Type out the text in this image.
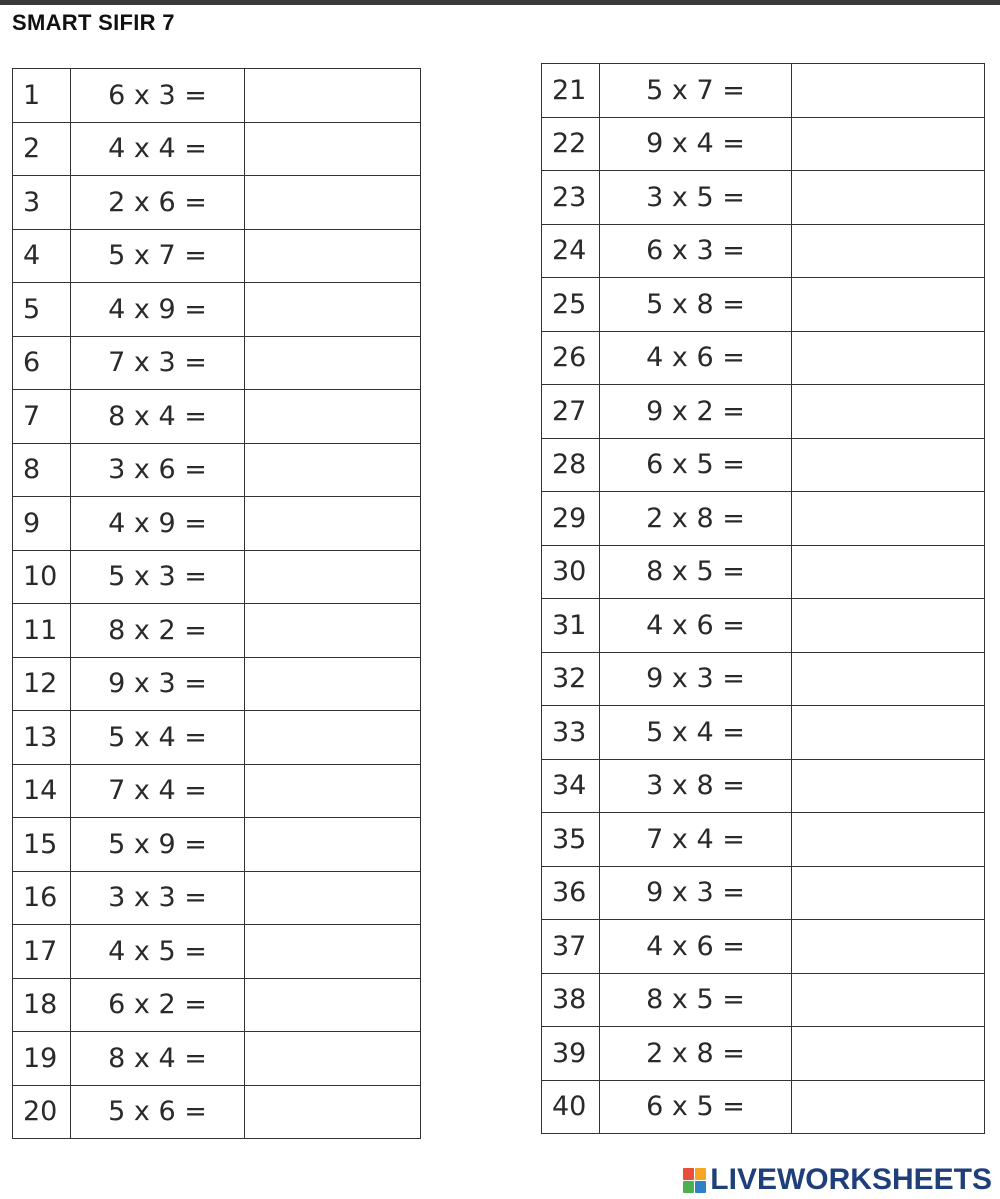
SMART SIFIR 7
1	6 x 3 =	
2	4 x 4 =	
3	2 x 6 =	
4	5 x 7 =	
5	4 x 9 =	
6	7 x 3 =	
7	8 x 4 =	
8	3 x 6 =	
9	4 x 9 =	
10	5 x 3 =	
11	8 x 2 =	
12	9 x 3 =	
13	5 x 4 =	
14	7 x 4 =	
15	5 x 9 =	
16	3 x 3 =	
17	4 x 5 =	
18	6 x 2 =	
19	8 x 4 =	
20	5 x 6 =	
21	5 x 7 =	
22	9 x 4 =	
23	3 x 5 =	
24	6 x 3 =	
25	5 x 8 =	
26	4 x 6 =	
27	9 x 2 =	
28	6 x 5 =	
29	2 x 8 =	
30	8 x 5 =	
31	4 x 6 =	
32	9 x 3 =	
33	5 x 4 =	
34	3 x 8 =	
35	7 x 4 =	
36	9 x 3 =	
37	4 x 6 =	
38	8 x 5 =	
39	2 x 8 =	
40	6 x 5 =	
LIVEWORKSHEETS
